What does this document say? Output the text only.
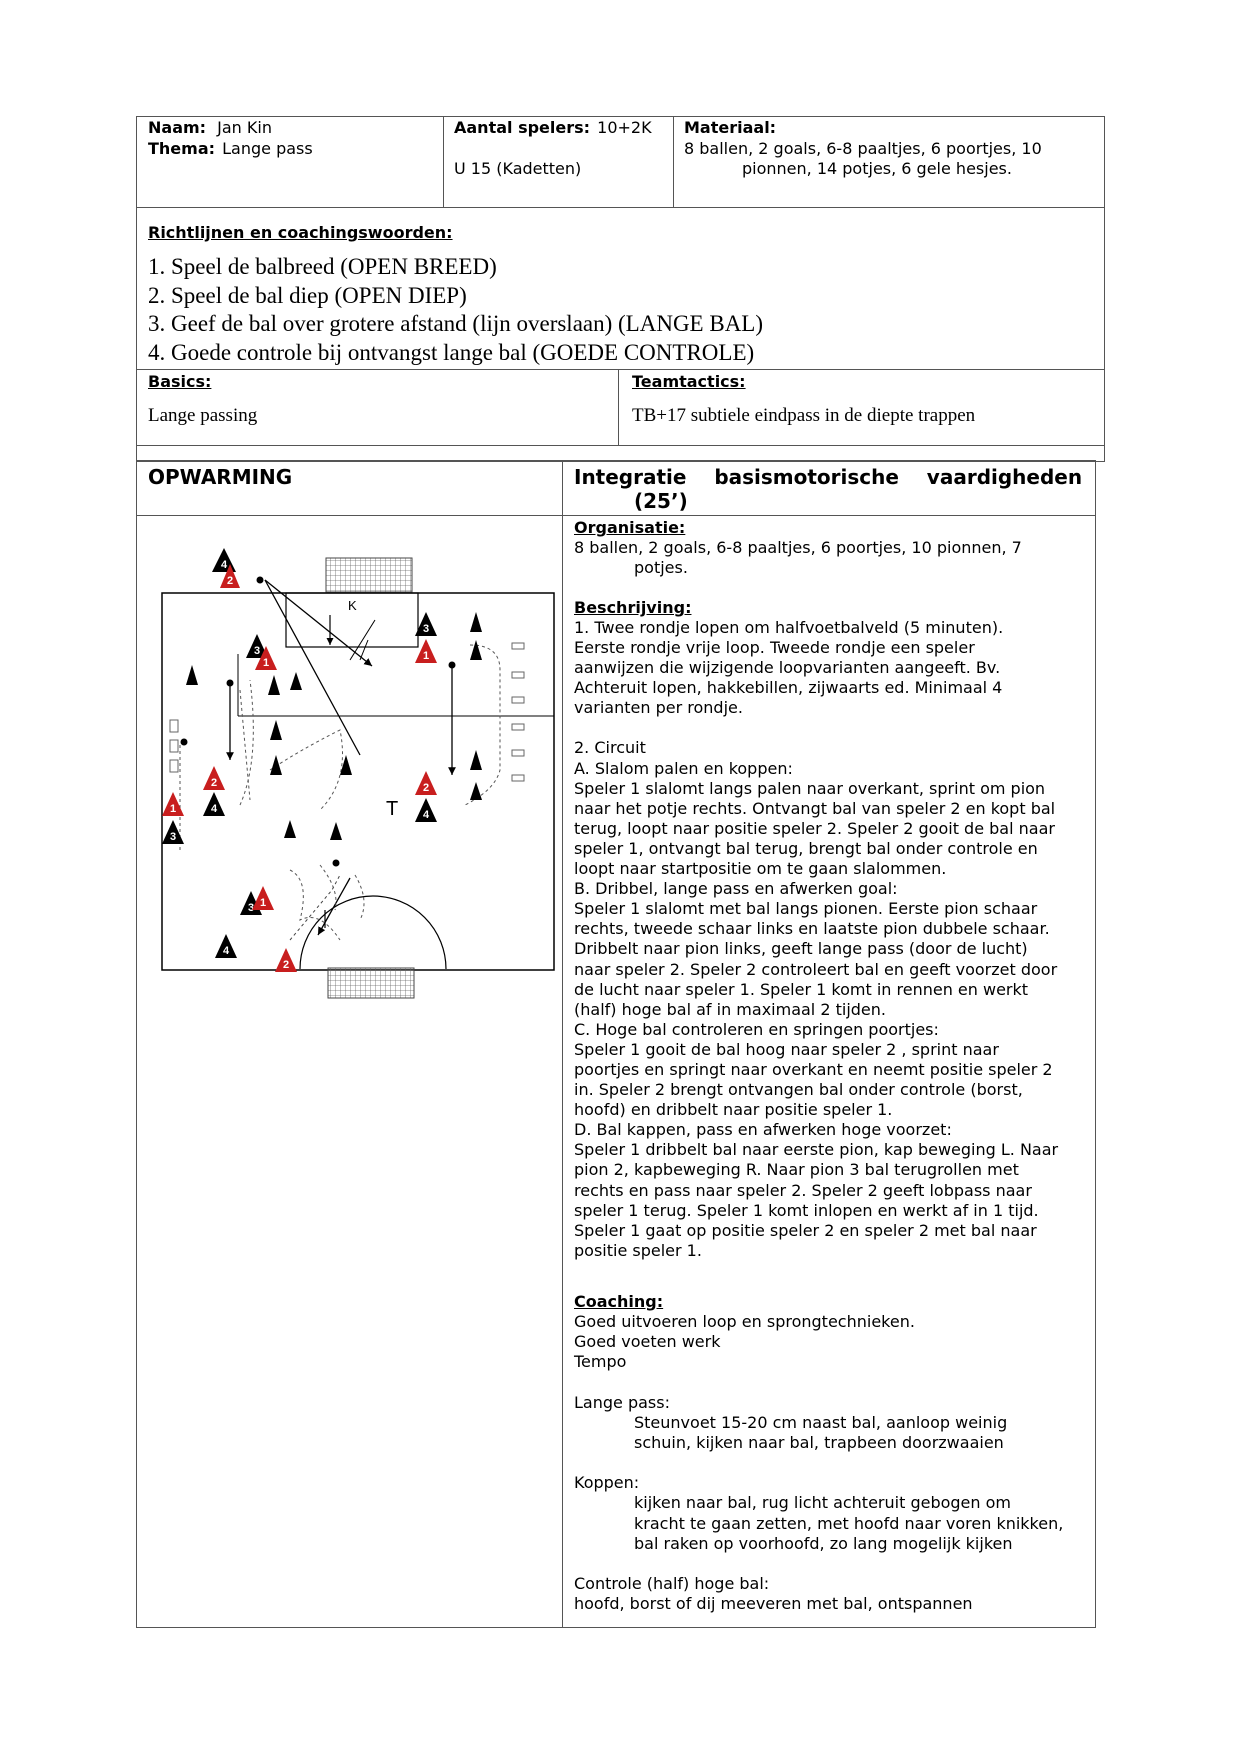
Naam: Jan Kin
Thema: Lange pass
Aantal spelers: 10+2K
U 15 (Kadetten)
Materiaal:
8 ballen, 2 goals, 6-8 paaltjes, 6 poortjes, 10
pionnen, 14 potjes, 6 gele hesjes.
Richtlijnen en coachingswoorden:
1. Speel de balbreed (OPEN BREED)
2. Speel de bal diep (OPEN DIEP)
3. Geef de bal over grotere afstand (lijn overslaan) (LANGE BAL)
4. Goede controle bij ontvangst lange bal (GOEDE CONTROLE)
Basics:
Lange passing
Teamtactics:
TB+17 subtiele eindpass in de diepte trappen
OPWARMING	Integratie    basismotorische    vaardigheden
(25’)
K
T
4
2
3
1
3
1
2
4
1
3
2
4
3 1
4
2
Organisatie:
8 ballen, 2 goals, 6-8 paaltjes, 6 poortjes, 10 pionnen, 7
potjes.
Beschrijving:
1. Twee rondje lopen om halfvoetbalveld (5 minuten).
Eerste rondje vrije loop. Tweede rondje een speler
aanwijzen die wijzigende loopvarianten aangeeft. Bv.
Achteruit lopen, hakkebillen, zijwaarts ed. Minimaal 4
varianten per rondje.
2. Circuit
A. Slalom palen en koppen:
Speler 1 slalomt langs palen naar overkant, sprint om pion
naar het potje rechts. Ontvangt bal van speler 2 en kopt bal
terug, loopt naar positie speler 2. Speler 2 gooit de bal naar
speler 1, ontvangt bal terug, brengt bal onder controle en
loopt naar startpositie om te gaan slalommen.
B. Dribbel, lange pass en afwerken goal:
Speler 1 slalomt met bal langs pionen. Eerste pion schaar
rechts, tweede schaar links en laatste pion dubbele schaar.
Dribbelt naar pion links, geeft lange pass (door de lucht)
naar speler 2. Speler 2 controleert bal en geeft voorzet door
de lucht naar speler 1. Speler 1 komt in rennen en werkt
(half) hoge bal af in maximaal 2 tijden.
C. Hoge bal controleren en springen poortjes:
Speler 1 gooit de bal hoog naar speler 2 , sprint naar
poortjes en springt naar overkant en neemt positie speler 2
in. Speler 2 brengt ontvangen bal onder controle (borst,
hoofd) en dribbelt naar positie speler 1.
D. Bal kappen, pass en afwerken hoge voorzet:
Speler 1 dribbelt bal naar eerste pion, kap beweging L. Naar
pion 2, kapbeweging R. Naar pion 3 bal terugrollen met
rechts en pass naar speler 2. Speler 2 geeft lobpass naar
speler 1 terug. Speler 1 komt inlopen en werkt af in 1 tijd.
Speler 1 gaat op positie speler 2 en speler 2 met bal naar
positie speler 1.
Coaching:
Goed uitvoeren loop en sprongtechnieken.
Goed voeten werk
Tempo
Lange pass:
Steunvoet 15-20 cm naast bal, aanloop weinig
schuin, kijken naar bal, trapbeen doorzwaaien
Koppen:
kijken naar bal, rug licht achteruit gebogen om
kracht te gaan zetten, met hoofd naar voren knikken,
bal raken op voorhoofd, zo lang mogelijk kijken
Controle (half) hoge bal:
hoofd, borst of dij meeveren met bal, ontspannen
